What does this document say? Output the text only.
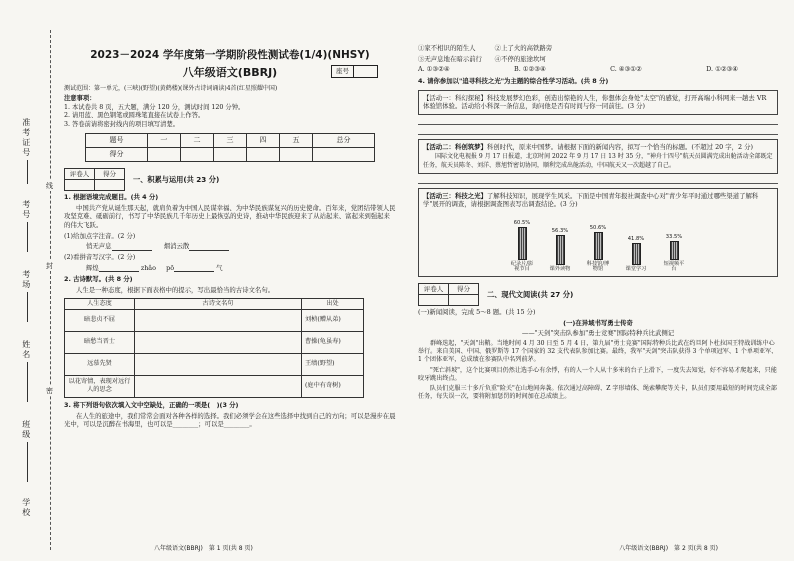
准考证号
考号
考场
姓名
班级
学校
线
封
密
2023－2024 学年度第一学期阶段性测试卷(1/4)(NHSY)
八年级语文(BBRJ)	座号
测试范围：第一单元，(三峡)(野望)(黄鹤楼)(课外古诗词诵读)4首(红星照耀中国)
注意事项：
1. 本试卷共 8 页，五大题，满分 120 分，测试时间 120 分钟。
2. 请用蓝、黑色钢笔或圆珠笔直接在试卷上作答。
3. 答卷前请将密封线内的项目填写清楚。
题号	一	二	三	四	五	总分
得分						
评卷人	得分

一、积累与运用(共 23 分)
1. 根据语境完成题目。(共 4 分)
中国共产党从诞生那天起，就肩负着为中国人民谋幸福、为中华民族谋复兴的历史使命。百年来，党团结带领人民攻坚克难、砥砺前行，书写了中华民族几千年历史上最恢弘的史诗，推动中华民族迎来了从站起来、富起来到强起来的伟大飞跃。
(1)给加点字注音。(2 分)
悄无声息	烟消云散
(2)看拼音写汉字。(2 分)
辉煌	zhǎo pō	气
2. 古诗默写。(共 8 分)
人生是一种态度，根据下面表格中的提示，写出最恰当的古诗文名句。
人生态度	古诗文名句	出处
暗悲贞不屈		刘桢(赠从弟)
暗愁当晋士		曹操(龟虽寿)
远慕先贤		王绩(野望)
以花寄情，表现对远行人的思念		(庭中有奇树)
3. 将下列语句依次填入文中空缺处，正确的一项是(　)(3 分)
在人生的旅途中，我们常常会面对各种各样的选择。我们必须学会在这些选择中找到自己的方向；可以是漫步在晨光中，可以是沉醉在书海里，也可以是________；可以是________。
八年级语文(BBRJ)　第 1 页(共 8 页)
①家不相识的陌生人　　　②上了火的高铁路旁
③无声息地在暗示前行　　④不停的旅途坎坷
A. ①③②④	B. ①②③④	C. ④③①②	D. ①②③④
4. 请你参加以"追寻科技之光"为主题的综合性学习活动。(共 8 分)
【活动一：科幻探秘】科技发展梦幻色彩，创造出惊艳的人生，你想体会身处"太空"的感觉，打开高端小科网来一趟去 VR 体验馆体验。活动给小科深一条信息，询问他是否有时间与你一同前往。(3 分)
【活动二：科创筑梦】科创时代，原来中国梦。请根据下面的新闻内容，拟写一个恰当的标题。(不超过 20 字，2 分)
国际文化电视报 9 月 17 日报道，北京时间 2022 年 9 月 17 日 13 时 35 分，"神舟十四号"航天员圆满完成出舱活动全部既定任务，航天员陈冬、刘洋、蔡旭哲密切协同，顺利完成出舱活动，中国航天又一次超越了自己。
【活动三：科技之光】了解科技知识，展现学生风采。下面是中国青年报社调查中心对"青少年平时通过哪些渠道了解科学"展开的调查，请根据调查图表写出调查结论。(3 分)
60.5%
纪录片/影视节目
56.3%
课外读物
50.6%
科技馆/博物馆
41.8%
课堂学习
33.5%
短视频平台
评卷人	得分

二、现代文阅读(共 27 分)
(一)新闻阅读，完成 5～8 题。(共 15 分)
(一)在异域书写勇士传奇
——"天剑"突击队参加"勇士竞赛"国际特种兵比武侧记
群峰迭起，"天剑"出鞘。当地时间 4 月 30 日至 5 月 4 日，第九届"勇士竞赛"国际特种兵比武在约旦阿卜杜拉国王特战训练中心举行。来自美国、中国、俄罗斯等 17 个国家的 32 支代表队参加比赛。最终，我军"天剑"突击队获得 3 个单项冠军、1 个单项亚军、1 个团体亚军，总成绩在参赛队中名列前茅。
"死亡斜坡"，这个比赛项目仍然让选手心有余悸，有的人一个人从十多米的台子上滑下，一度失去知觉，好不容易才爬起来，只能咬牙跳出终点。
队员们克服三十多斤负重"险关"在山地间奔袭。依次通过高障碍、Z 字形墙体、绳索攀爬等关卡，队员们要用最短的时间完成全部任务，每失误一次，要将附加惩罚的时间加在总成绩上。
八年级语文(BBRJ)　第 2 页(共 8 页)
